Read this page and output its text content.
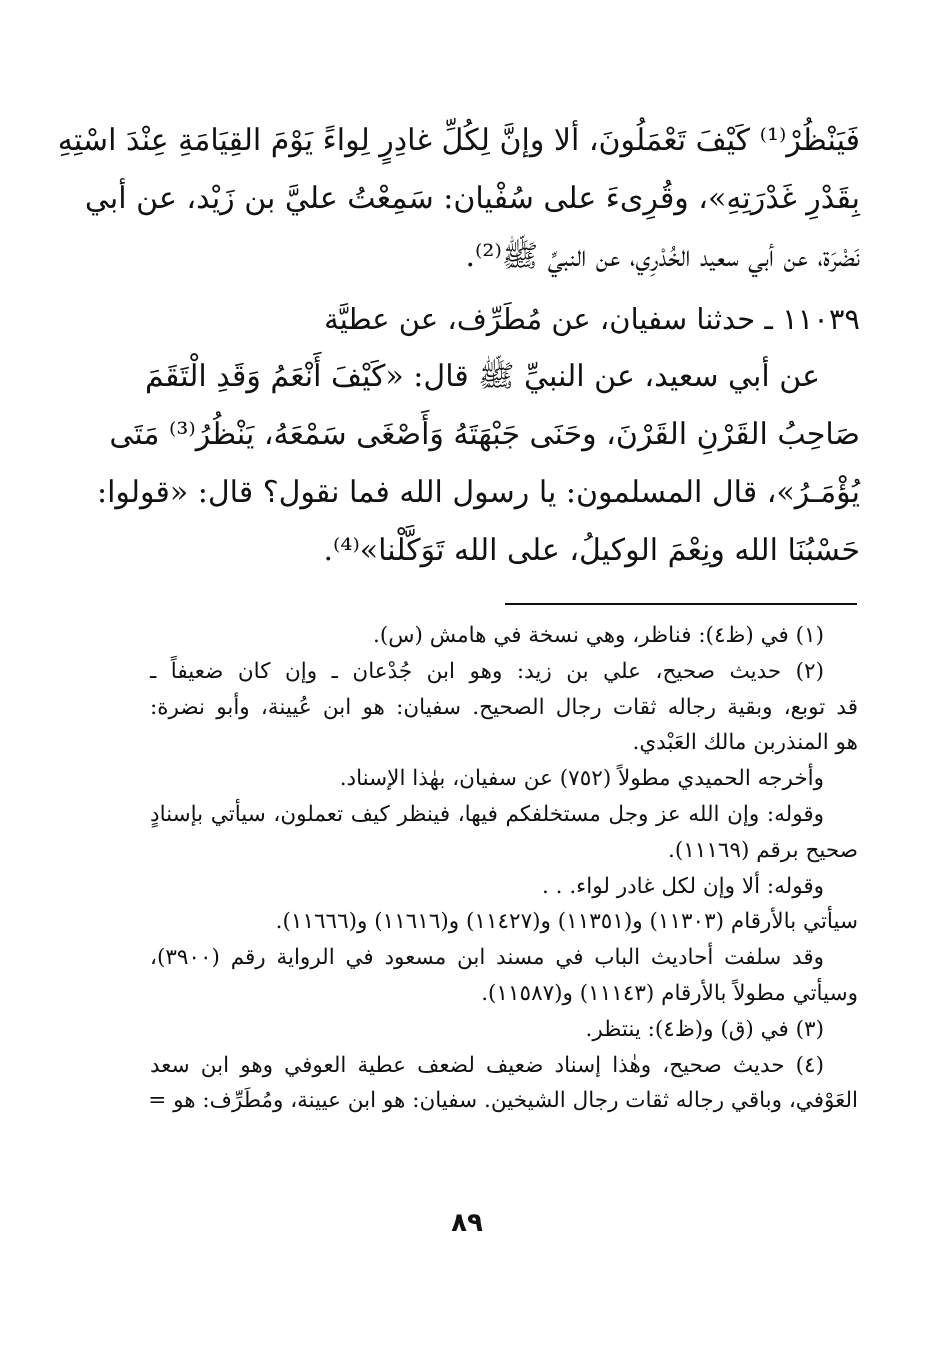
فَيَنْظُرْ⁽¹⁾ كَيْفَ تَعْمَلُونَ، ألا وإنَّ لِكُلِّ غادِرٍ لِواءً يَوْمَ القِيَامَةِ عِنْدَ اسْتِهِ
بِقَدْرِ غَدْرَتِهِ»، وقُرِىءَ على سُفْيان: سَمِعْتُ عليَّ بن زَيْد، عن أبي
نَضْرَة، عن أبي سعيد الخُدْرِي، عن النبيِّ ﷺ⁽²⁾.
١١٠٣٩ ـ حدثنا سفيان، عن مُطَرِّف، عن عطيَّة
عن أبي سعيد، عن النبيِّ ﷺ قال: «كَيْفَ أَنْعَمُ وَقَدِ الْتَقَمَ
صَاحِبُ القَرْنِ القَرْنَ، وحَنَى جَبْهَتَهُ وَأَصْغَى سَمْعَهُ، يَنْظُرُ⁽³⁾ مَتَى
يُؤْمَـرُ»، قال المسلمون: يا رسول الله فما نقول؟ قال: «قولوا:
حَسْبُنَا الله ونِعْمَ الوكيلُ، على الله تَوَكَّلْنا»⁽⁴⁾.
(١) في (ظ٤): فناظر، وهي نسخة في هامش (س).
(٢) حديث صحيح، علي بن زيد: وهو ابن جُدْعان ـ وإن كان ضعيفاً ـ
قد توبع، وبقية رجاله ثقات رجال الصحيح. سفيان: هو ابن عُيينة، وأبو نضرة:
هو المنذربن مالك العَبْدي.
وأخرجه الحميدي مطولاً (٧٥٢) عن سفيان، بهٰذا الإسناد.
وقوله: وإن الله عز وجل مستخلفكم فيها، فينظر كيف تعملون، سيأتي بإسنادٍ
صحيح برقم (١١١٦٩).
وقوله: ألا وإن لكل غادر لواء. . .
سيأتي بالأرقام (١١٣٠٣) و(١١٣٥١) و(١١٤٢٧) و(١١٦١٦) و(١١٦٦٦).
وقد سلفت أحاديث الباب في مسند ابن مسعود في الرواية رقم (٣٩٠٠)،
وسيأتي مطولاً بالأرقام (١١١٤٣) و(١١٥٨٧).
(٣) في (ق) و(ظ٤): ينتظر.
(٤) حديث صحيح، وهٰذا إسناد ضعيف لضعف عطية العوفي وهو ابن سعد
العَوْفي، وباقي رجاله ثقات رجال الشيخين. سفيان: هو ابن عيينة، ومُطَرِّف: هو =
٨٩
